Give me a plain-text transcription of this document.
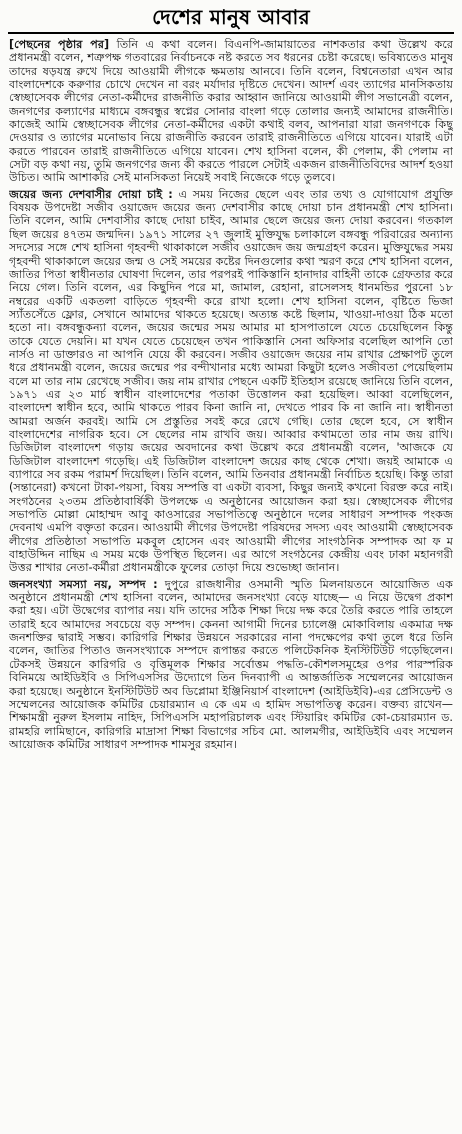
দেশের মানুষ আবার

[পেছনের পৃষ্ঠার পর] তিনি এ কথা বলেন। বিএনপি-জামায়াতের নাশকতার কথা উল্লেখ করে প্রধানমন্ত্রী বলেন, শত্রুপক্ষ গতবারের নির্বাচনকে নষ্ট করতে সব ধরনের চেষ্টা করেছে। ভবিষ্যতেও মানুষ তাদের ষড়যন্ত্র রুখে দিয়ে আওয়ামী লীগকে ক্ষমতায় আনবে। তিনি বলেন, বিশ্বনেতারা এখন আর বাংলাদেশকে করুণার চোখে দেখেন না বরং মর্যাদার দৃষ্টিতে দেখেন। আদর্শ এবং ত্যাগের মানসিকতায় স্বেচ্ছাসেবক লীগের নেতা-কর্মীদের রাজনীতি করার আহ্বান জানিয়ে আওয়ামী লীগ সভানেত্রী বলেন, জনগণের কল্যাণের মাধ্যমে বঙ্গবন্ধুর স্বপ্নের সোনার বাংলা গড়ে তোলার জন্যই আমাদের রাজনীতি। কাজেই আমি স্বেচ্ছাসেবক লীগের নেতা-কর্মীদের একটা কথাই বলব, আপনারা যারা জনগণকে কিছু দেওয়ার ও ত্যাগের মনোভাব নিয়ে রাজনীতি করবেন তারাই রাজনীতিতে এগিয়ে যাবেন। যারাই এটা করতে পারবেন তারাই রাজনীতিতে এগিয়ে যাবেন। শেখ হাসিনা বলেন, কী পেলাম, কী পেলাম না সেটা বড় কথা নয়, তুমি জনগণের জন্য কী করতে পারলে সেটাই একজন রাজনীতিবিদের আদর্শ হওয়া উচিত। আমি আশাকরি সেই মানসিকতা নিয়েই সবাই নিজেকে গড়ে তুলবে।

জয়ের জন্য দেশবাসীর দোয়া চাই : এ সময় নিজের ছেলে এবং তার তথ্য ও যোগাযোগ প্রযুক্তি বিষয়ক উপদেষ্টা সজীব ওয়াজেদ জয়ের জন্য দেশবাসীর কাছে দোয়া চান প্রধানমন্ত্রী শেখ হাসিনা। তিনি বলেন, আমি দেশবাসীর কাছে দোয়া চাইব, আমার ছেলে জয়ের জন্য দোয়া করবেন। গতকাল ছিল জয়ের ৪৭তম জন্মদিন। ১৯৭১ সালের ২৭ জুলাই মুক্তিযুদ্ধ চলাকালে বঙ্গবন্ধু পরিবারের অন্যান্য সদস্যের সঙ্গে শেখ হাসিনা গৃহবন্দী থাকাকালে সজীব ওয়াজেদ জয় জন্মগ্রহণ করেন। মুক্তিযুদ্ধের সময় গৃহবন্দী থাকাকালে জয়ের জন্ম ও সেই সময়ের কষ্টের দিনগুলোর কথা স্মরণ করে শেখ হাসিনা বলেন, জাতির পিতা স্বাধীনতার ঘোষণা দিলেন, তার পরপরই পাকিস্তানি হানাদার বাহিনী তাকে গ্রেফতার করে নিয়ে গেল। তিনি বলেন, এর কিছুদিন পরে মা, জামাল, রেহানা, রাসেলসহ ধানমন্ডির পুরনো ১৮ নম্বরের একটি একতলা বাড়িতে গৃহবন্দী করে রাখা হলো। শেখ হাসিনা বলেন, বৃষ্টিতে ভিজা স্যাঁতসেঁতে ফ্লোর, সেখানে আমাদের থাকতে হয়েছে। অত্যন্ত কষ্টে ছিলাম, খাওয়া-দাওয়া ঠিক মতো হতো না। বঙ্গবন্ধুকন্যা বলেন, জয়ের জন্মের সময় আমার মা হাসপাতালে যেতে চেয়েছিলেন কিন্তু তাকে যেতে দেয়নি। মা যখন যেতে চেয়েছেন তখন পাকিস্তানি সেনা অফিসার বলেছিল আপনি তো নার্সও না ডাক্তারও না আপনি যেয়ে কী করবেন। সজীব ওয়াজেদ জয়ের নাম রাখার প্রেক্ষাপট তুলে ধরে প্রধানমন্ত্রী বলেন, জয়ের জন্মের পর বন্দীখানার মধ্যে আমরা কিছুটা হলেও সজীবতা পেয়েছিলাম বলে মা তার নাম রেখেছে সজীব। জয় নাম রাখার পেছনে একটি ইতিহাস রয়েছে জানিয়ে তিনি বলেন, ১৯৭১ এর ২৩ মার্চ স্বাধীন বাংলাদেশের পতাকা উত্তোলন করা হয়েছিল। আব্বা বলেছিলেন, বাংলাদেশ স্বাধীন হবে, আমি থাকতে পারব কিনা জানি না, দেখতে পারব কি না জানি না। স্বাধীনতা আমরা অর্জন করবই। আমি সে প্রস্তুতির সবই করে রেখে গেছি। তোর ছেলে হবে, সে স্বাধীন বাংলাদেশের নাগরিক হবে। সে ছেলের নাম রাখবি জয়। আব্বার কথামতো তার নাম জয় রাখি। ডিজিটাল বাংলাদেশ গড়ায় জয়ের অবদানের কথা উল্লেখ করে প্রধানমন্ত্রী বলেন, 'আজকে যে ডিজিটাল বাংলাদেশ গড়েছি। এই ডিজিটাল বাংলাদেশ জয়ের কাছ থেকে শেখা। জয়ই আমাকে এ ব্যাপারে সব রকম পরামর্শ দিয়েছিল। তিনি বলেন, আমি তিনবার প্রধানমন্ত্রী নির্বাচিত হয়েছি। কিন্তু তারা (সন্তানেরা) কখনো টাকা-পয়সা, বিষয় সম্পত্তি বা একটা ব্যবসা, কিছুর জন্যই কখনো বিরক্ত করে নাই। সংগঠনের ২৩তম প্রতিষ্ঠাবার্ষিকী উপলক্ষে এ অনুষ্ঠানের আয়োজন করা হয়। স্বেচ্ছাসেবক লীগের সভাপতি মোল্লা মোহাম্মদ আবু কাওসারের সভাপতিত্বে অনুষ্ঠানে দলের সাধারণ সম্পাদক পংকজ দেবনাথ এমপি বক্তৃতা করেন। আওয়ামী লীগের উপদেষ্টা পরিষদের সদস্য এবং আওয়ামী স্বেচ্ছাসেবক লীগের প্রতিষ্ঠাতা সভাপতি মকবুল হোসেন এবং আওয়ামী লীগের সাংগঠনিক সম্পাদক আ ফ ম বাহাউদ্দিন নাছিম এ সময় মঞ্চে উপস্থিত ছিলেন। এর আগে সংগঠনের কেন্দ্রীয় এবং ঢাকা মহানগরী উত্তর শাখার নেতা-কর্মীরা প্রধানমন্ত্রীকে ফুলের তোড়া দিয়ে শুভেচ্ছা জানান।

জনসংখ্যা সমস্যা নয়, সম্পদ : দুপুরে রাজধানীর ওসমানী স্মৃতি মিলনায়তনে আয়োজিত এক অনুষ্ঠানে প্রধানমন্ত্রী শেখ হাসিনা বলেন, আমাদের জনসংখ্যা বেড়ে যাচ্ছে— এ নিয়ে উদ্বেগ প্রকাশ করা হয়। এটা উদ্বেগের ব্যাপার নয়। যদি তাদের সঠিক শিক্ষা দিয়ে দক্ষ করে তৈরি করতে পারি তাহলে তারাই হবে আমাদের সবচেয়ে বড় সম্পদ। কেননা আগামী দিনের চ্যালেঞ্জ মোকাবিলায় একমাত্র দক্ষ জনশক্তির দ্বারাই সম্ভব। কারিগরি শিক্ষার উন্নয়নে সরকারের নানা পদক্ষেপের কথা তুলে ধরে তিনি বলেন, জাতির পিতাও জনসংখ্যাকে সম্পদে রূপান্তর করতে পলিটেকনিক ইনস্টিটিউট গড়েছিলেন। টেকসই উন্নয়নে কারিগরি ও বৃত্তিমূলক শিক্ষার সর্বোত্তম পদ্ধতি-কৌশলসমূহের ওপর পারস্পরিক বিনিময়ে আইডিইবি ও সিপিএসসির উদ্যোগে তিন দিনব্যাপী এ আন্তর্জাতিক সম্মেলনের আয়োজন করা হয়েছে। অনুষ্ঠানে ইনস্টিটিউট অব ডিপ্লোমা ইঞ্জিনিয়ার্স বাংলাদেশ (আইডিইবি)-এর প্রেসিডেন্ট ও সম্মেলনের আয়োজক কমিটির চেয়ারম্যান এ কে এম এ হামিদ সভাপতিত্ব করেন। বক্তব্য রাখেন— শিক্ষামন্ত্রী নুরুল ইসলাম নাহিদ, সিপিএসসি মহাপরিচালক এবং স্টিয়ারিং কমিটির কো-চেয়ারম্যান ড. রামহরি লামিছানে, কারিগরি মাদ্রাসা শিক্ষা বিভাগের সচিব মো. আলমগীর, আইডিইবি এবং সম্মেলন আয়োজক কমিটির সাধারণ সম্পাদক শামসুর রহমান।
